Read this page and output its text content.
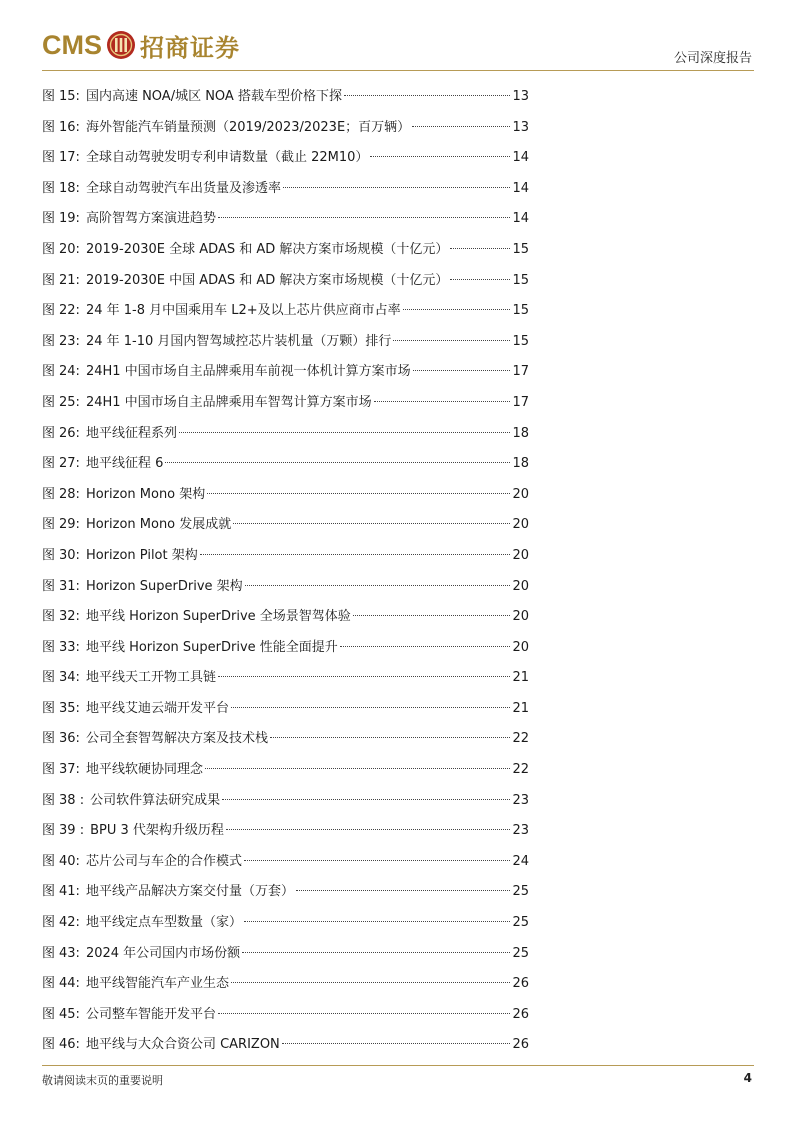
CMS 招商证券	公司深度报告
图 15: 国内高速 NOA/城区 NOA 搭载车型价格下探	13
图 16: 海外智能汽车销量预测（2019/2023/2023E；百万辆）	13
图 17: 全球自动驾驶发明专利申请数量（截止 22M10）	14
图 18: 全球自动驾驶汽车出货量及渗透率	14
图 19: 高阶智驾方案演进趋势	14
图 20: 2019-2030E 全球 ADAS 和 AD 解决方案市场规模（十亿元）	15
图 21: 2019-2030E 中国 ADAS 和 AD 解决方案市场规模（十亿元）	15
图 22: 24 年 1-8 月中国乘用车 L2+及以上芯片供应商市占率	15
图 23: 24 年 1-10 月国内智驾域控芯片装机量（万颗）排行	15
图 24: 24H1 中国市场自主品牌乘用车前视一体机计算方案市场	17
图 25: 24H1 中国市场自主品牌乘用车智驾计算方案市场	17
图 26: 地平线征程系列	18
图 27: 地平线征程 6	18
图 28: Horizon Mono 架构	20
图 29: Horizon Mono 发展成就	20
图 30: Horizon Pilot 架构	20
图 31: Horizon SuperDrive 架构	20
图 32: 地平线 Horizon SuperDrive 全场景智驾体验	20
图 33: 地平线 Horizon SuperDrive 性能全面提升	20
图 34: 地平线天工开物工具链	21
图 35: 地平线艾迪云端开发平台	21
图 36: 公司全套智驾解决方案及技术栈	22
图 37: 地平线软硬协同理念	22
图 38 : 公司软件算法研究成果	23
图 39 : BPU 3 代架构升级历程	23
图 40: 芯片公司与车企的合作模式	24
图 41: 地平线产品解决方案交付量（万套）	25
图 42: 地平线定点车型数量（家）	25
图 43: 2024 年公司国内市场份额	25
图 44: 地平线智能汽车产业生态	26
图 45: 公司整车智能开发平台	26
图 46: 地平线与大众合资公司 CARIZON	26
敬请阅读末页的重要说明	4
